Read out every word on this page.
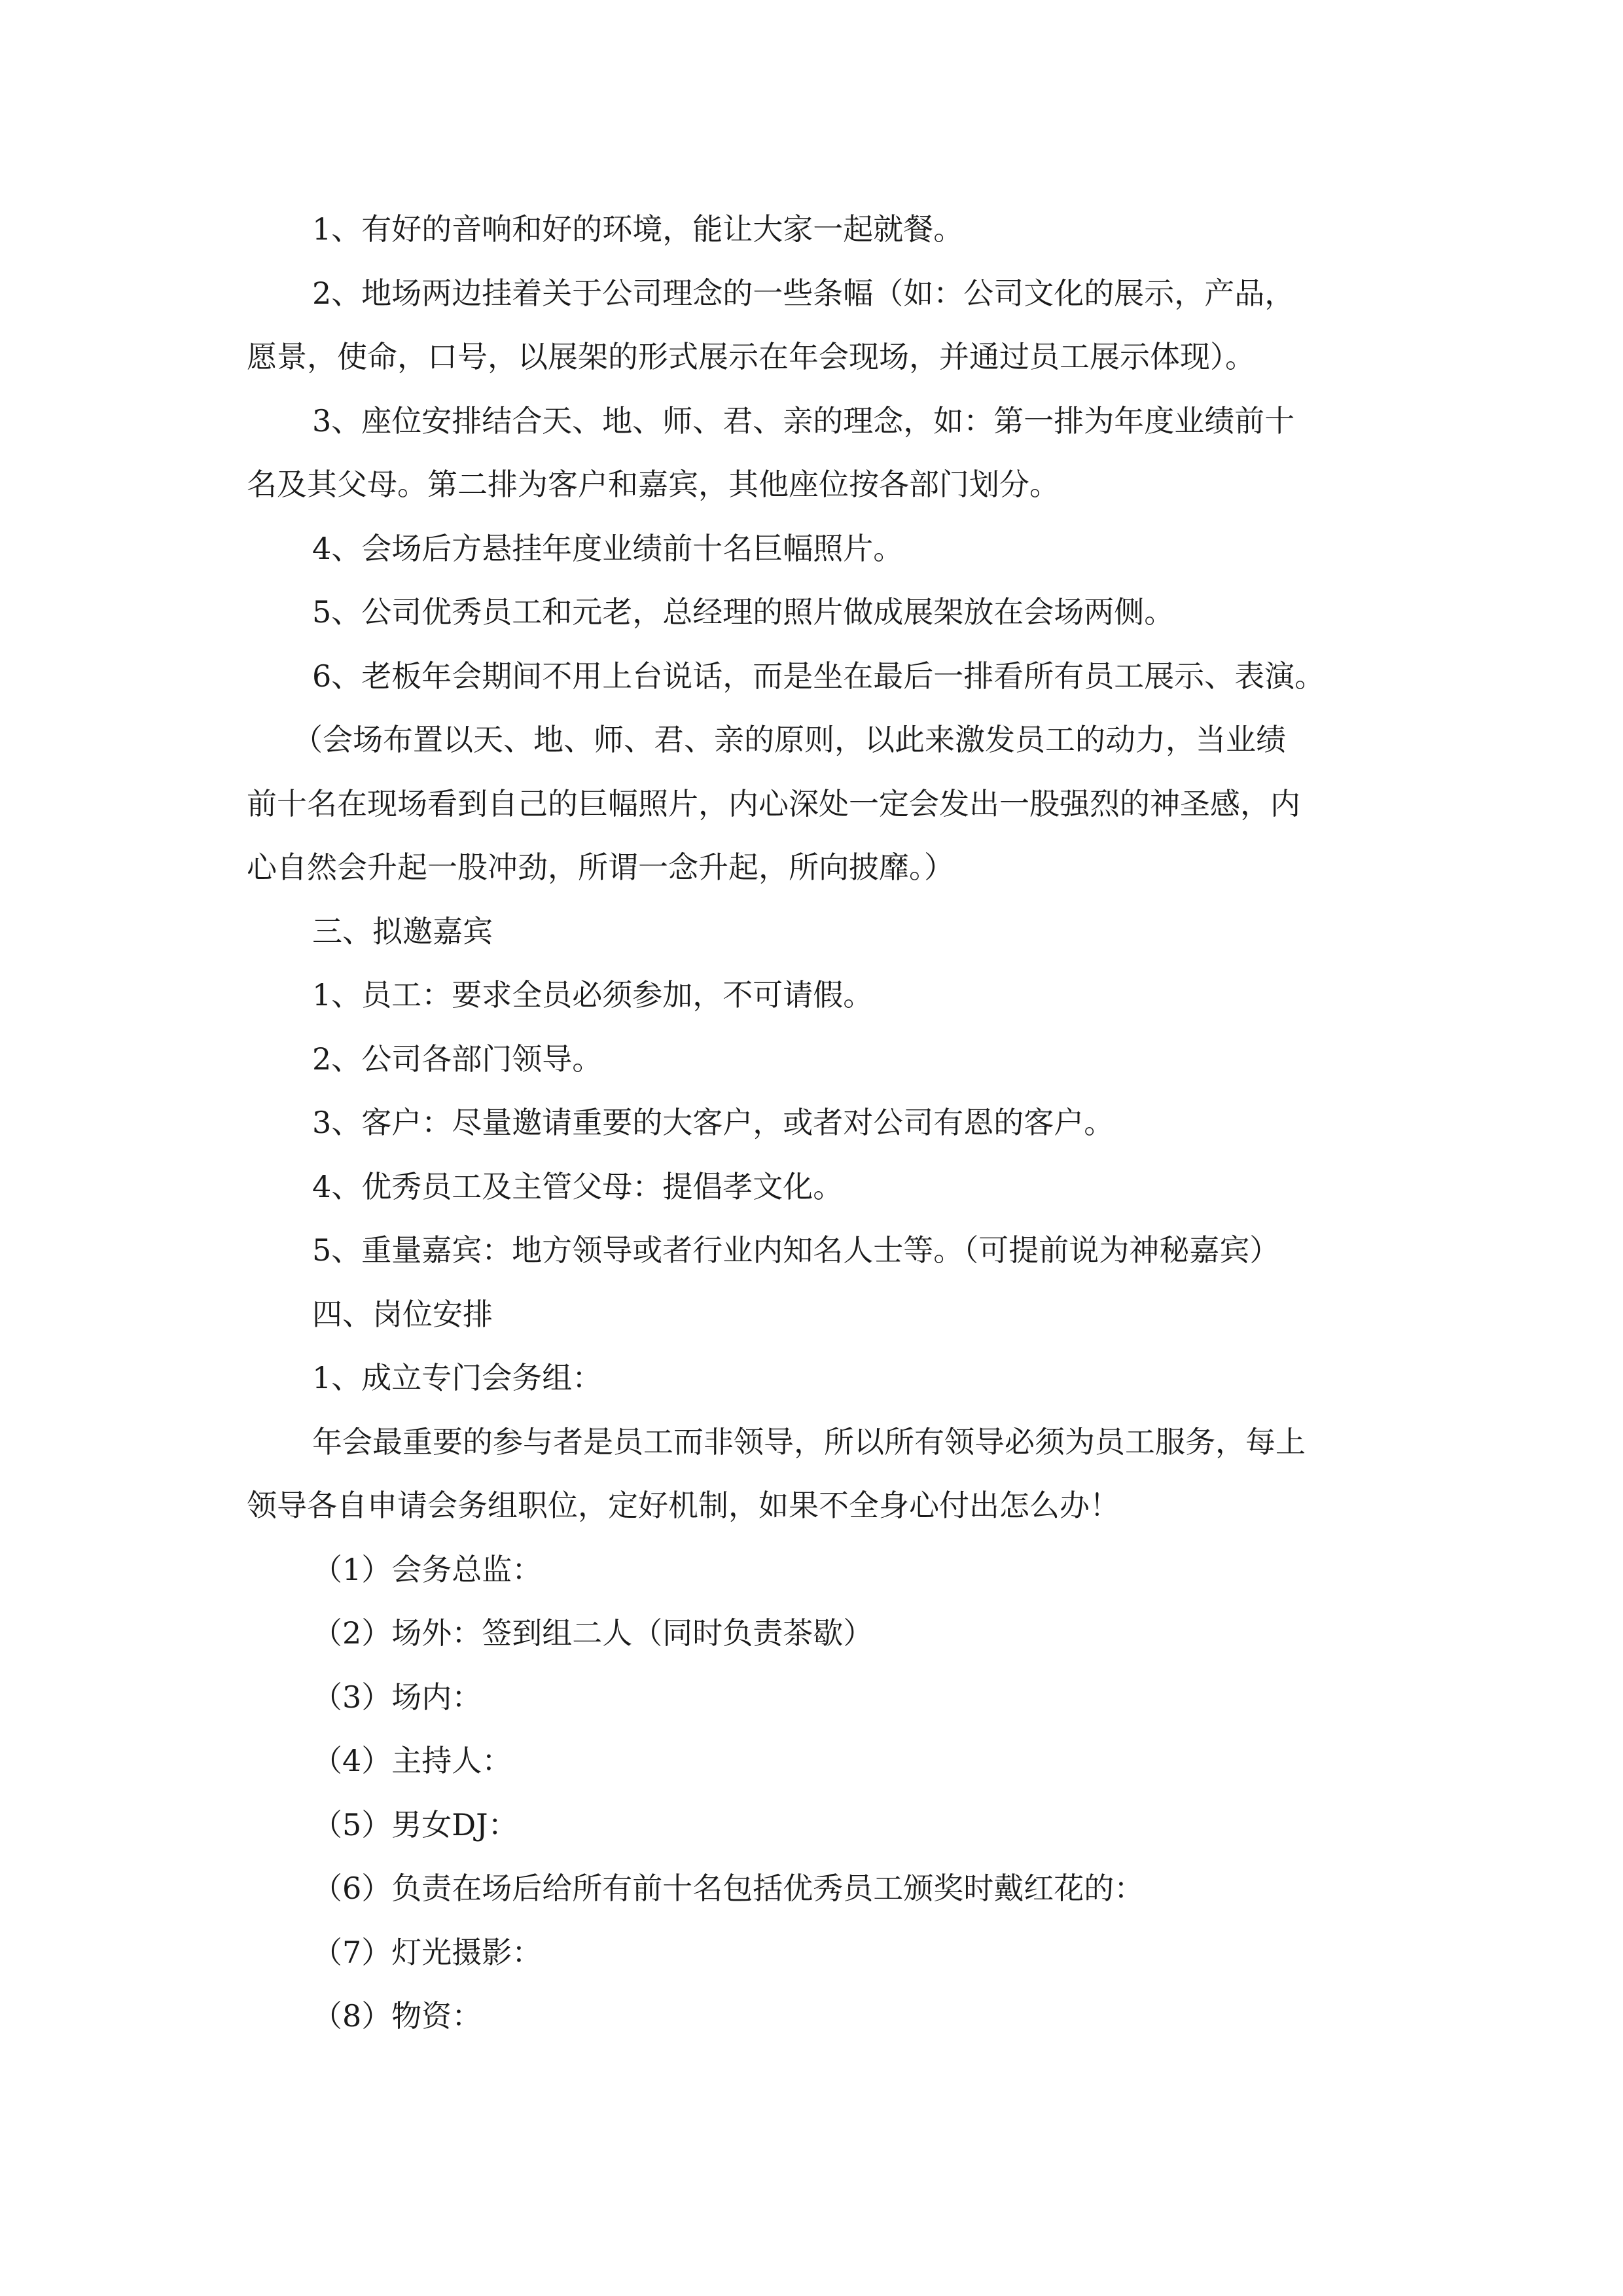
1、有好的音响和好的环境，能让大家一起就餐。

2、地场两边挂着关于公司理念的一些条幅（如：公司文化的展示，产品，

愿景，使命，口号，以展架的形式展示在年会现场，并通过员工展示体现）。

3、座位安排结合天、地、师、君、亲的理念，如：第一排为年度业绩前十

名及其父母。第二排为客户和嘉宾，其他座位按各部门划分。

4、会场后方悬挂年度业绩前十名巨幅照片。

5、公司优秀员工和元老，总经理的照片做成展架放在会场两侧。

6、老板年会期间不用上台说话，而是坐在最后一排看所有员工展示、表演。

（会场布置以天、地、师、君、亲的原则，以此来激发员工的动力，当业绩

前十名在现场看到自己的巨幅照片，内心深处一定会发出一股强烈的神圣感，内

心自然会升起一股冲劲，所谓一念升起，所向披靡。）

三、拟邀嘉宾

1、员工：要求全员必须参加，不可请假。

2、公司各部门领导。

3、客户：尽量邀请重要的大客户，或者对公司有恩的客户。

4、优秀员工及主管父母：提倡孝文化。

5、重量嘉宾：地方领导或者行业内知名人士等。（可提前说为神秘嘉宾）

四、岗位安排

1、成立专门会务组：

年会最重要的参与者是员工而非领导，所以所有领导必须为员工服务，每上

领导各自申请会务组职位，定好机制，如果不全身心付出怎么办！

（1）会务总监：

（2）场外：签到组二人（同时负责茶歇）

（3）场内：

（4）主持人：

（5）男女DJ：

（6）负责在场后给所有前十名包括优秀员工颁奖时戴红花的：

（7）灯光摄影：

（8）物资：
